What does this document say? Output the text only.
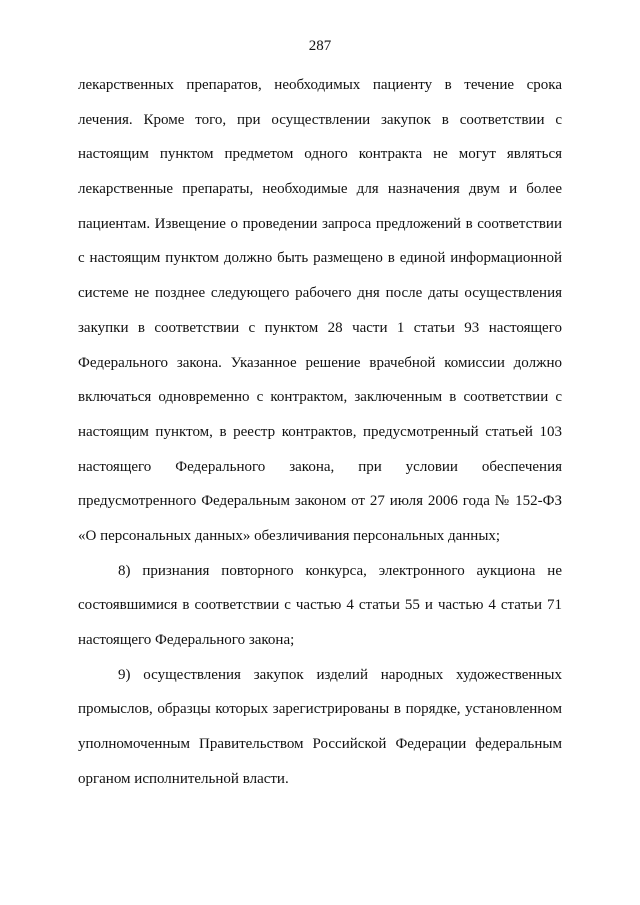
287
лекарственных препаратов, необходимых пациенту в течение срока
лечения. Кроме того, при осуществлении закупок в соответствии с
настоящим пунктом предметом одного контракта не могут являться
лекарственные препараты, необходимые для назначения двум и более
пациентам. Извещение о проведении запроса предложений в соответствии
с настоящим пунктом должно быть размещено в единой информационной
системе не позднее следующего рабочего дня после даты осуществления
закупки в соответствии с пунктом 28 части 1 статьи 93 настоящего
Федерального закона. Указанное решение врачебной комиссии должно
включаться одновременно с контрактом, заключенным в соответствии с
настоящим пунктом, в реестр контрактов, предусмотренный статьей 103
настоящего Федерального закона, при условии обеспечения
предусмотренного Федеральным законом от 27 июля 2006 года № 152-ФЗ
«О персональных данных» обезличивания персональных данных;
8) признания повторного конкурса, электронного аукциона не
состоявшимися в соответствии с частью 4 статьи 55 и частью 4 статьи 71
настоящего Федерального закона;
9) осуществления закупок изделий народных художественных
промыслов, образцы которых зарегистрированы в порядке, установленном
уполномоченным Правительством Российской Федерации федеральным
органом исполнительной власти.
